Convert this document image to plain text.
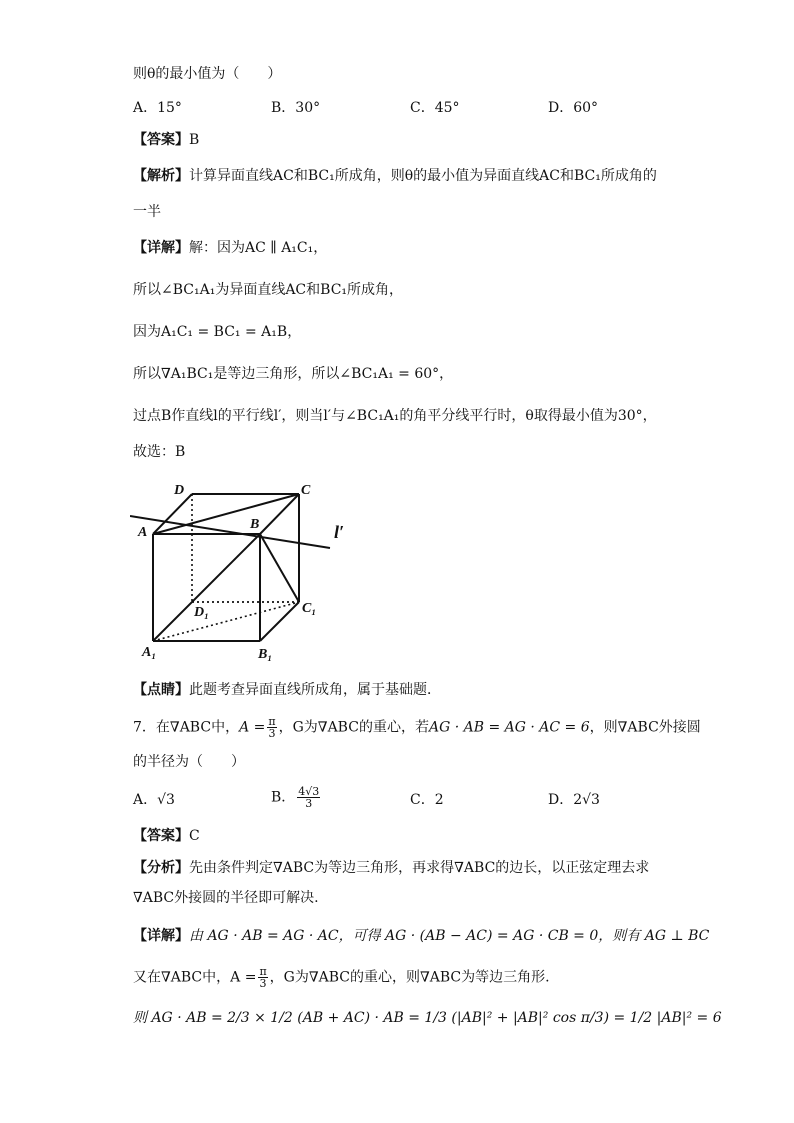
则θ的最小值为（　　）
A．15°	B．30°	C．45°	D．60°
【答案】B
【解析】计算异面直线AC和BC₁所成角，则θ的最小值为异面直线AC和BC₁所成角的
一半
【详解】解：因为AC ∥ A₁C₁，
所以∠BC₁A₁为异面直线AC和BC₁所成角，
因为A₁C₁ = BC₁ = A₁B，
所以∇A₁BC₁是等边三角形，所以∠BC₁A₁ = 60°，
过点B作直线l的平行线l′，则当l′与∠BC₁A₁的角平分线平行时，θ取得最小值为30°，
故选：B
D	C
A
B	l′
D₁	C₁
A₁	B₁
【点睛】此题考查异面直线所成角，属于基础题．
7．在∇ABC中，$A = \frac{\pi}{3}$ ，G为∇ABC的重心，若AG · AB = AG · AC = 6，则∇ABC外接圆
的半径为（　　）
A．√3	B． $\frac{4√3}{3}$	C．2	D．2√3
【答案】C
【分析】先由条件判定∇ABC为等边三角形，再求得∇ABC的边长，以正弦定理去求
∇ABC外接圆的半径即可解决.
【详解】由 AG · AB = AG · AC，可得 AG · (AB − AC) = AG · CB = 0，则有 AG ⊥ BC
又在∇ABC中，$A = \frac{\pi}{3}$ ，G为∇ABC的重心，则∇ABC为等边三角形.
则 AG · AB = 2/3 × 1/2 (AB + AC) · AB = 1/3 (|AB|² + |AB|² cos π/3) = 1/2 |AB|² = 6
